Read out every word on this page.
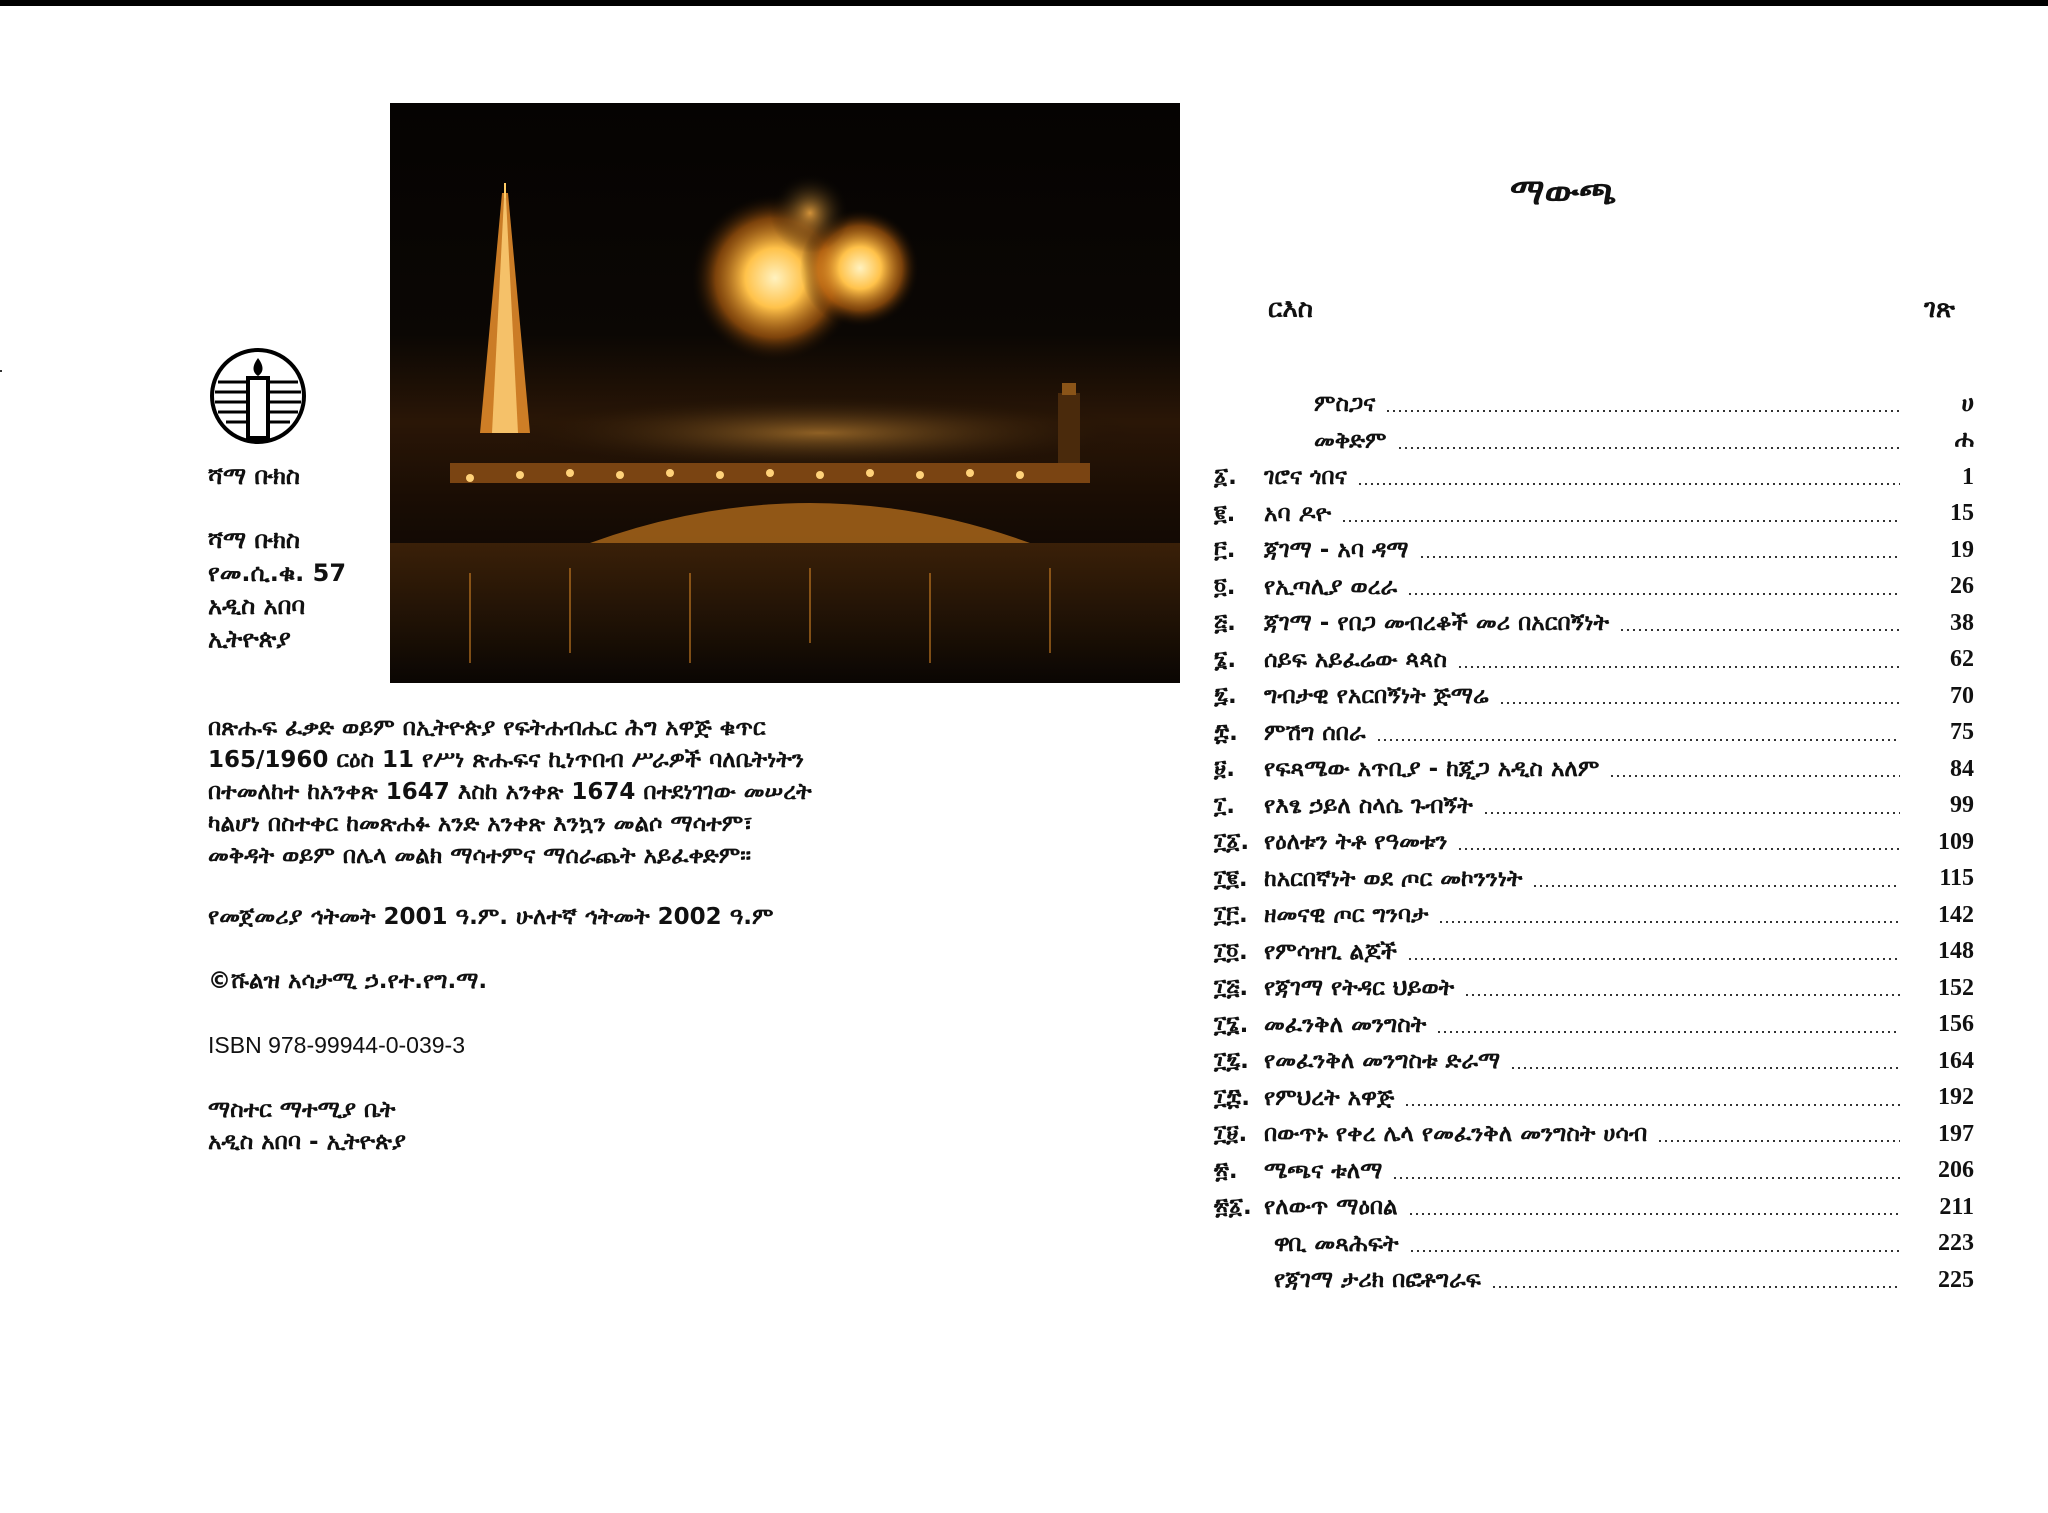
ሻማ ቡክስ
ሻማ ቡክስ
የመ.ሲ.ቁ. 57
አዲስ አበባ
ኢትዮጵያ
በጽሑፍ ፈቃድ ወይም በኢትዮጵያ የፍትሐብሔር ሕግ አዋጅ ቁጥር
165/1960 ርዕስ 11 የሥነ ጽሑፍና ኪነጥበብ ሥራዎች ባለቤትነትን
በተመለከተ ከአንቀጽ 1647 እስከ አንቀጽ 1674 በተደነገገው መሠረት
ካልሆነ በስተቀር ከመጽሐፉ አንድ አንቀጽ እንኳን መልሶ ማሳተም፣
መቅዳት ወይም በሌላ መልክ ማሳተምና ማሰራጨት አይፈቀድም፡፡
የመጀመሪያ ኅትመት 2001 ዓ.ም. ሁለተኛ ኅትመት 2002 ዓ.ም
©ሹልዝ አሳታሚ ኃ.የተ.የግ.ማ.
ISBN 978-99944-0-039-3
ማስተር ማተሚያ ቤት
አዲስ አበባ - ኢትዮጵያ
ማውጫ
ርእስ	ገጽ
ምስጋና	ሀ
መቅድም	ሐ
፩.	ገሮና ጎበና	1
፪.	አባ ዶዮ	15
፫.	ጃገማ - አባ ዳማ	19
፬.	የኢጣሊያ ወረራ	26
፭.	ጃገማ - የበጋ መብረቆች መሪ በአርበኝነት	38
፮.	ሰይፍ አይፈሬው ጳጳስ	62
፯.	ግብታዊ የአርበኝነት ጅማሬ	70
፰.	ምሽግ ሰበራ	75
፱.	የፍጻሜው አጥቢያ - ከጂጋ አዲስ አለም	84
፲.	የእፄ ኃይለ ስላሴ ጉብኝት	99
፲፩. የዕለቱን ትቶ የዓመቱን	109
፲፪. ከአርበኛነት ወደ ጦር መኮንንነት	115
፲፫. ዘመናዊ ጦር ግንባታ	142
፲፬. የምሳዝጊ ልጆች	148
፲፭. የጃገማ የትዳር ህይወት	152
፲፮. መፈንቅለ መንግስት	156
፲፯. የመፈንቅለ መንግስቱ ድራማ	164
፲፰. የምህረት አዋጅ	192
፲፱. በውጥኑ የቀረ ሌላ የመፈንቅለ መንግስት ሀሳብ	197
፳.	ሜጫና ቱለማ	206
፳፩. የለውጥ ማዕበል	211
ዋቢ መጻሕፍት	223
የጃገማ ታሪክ በፎቶግራፍ	225
